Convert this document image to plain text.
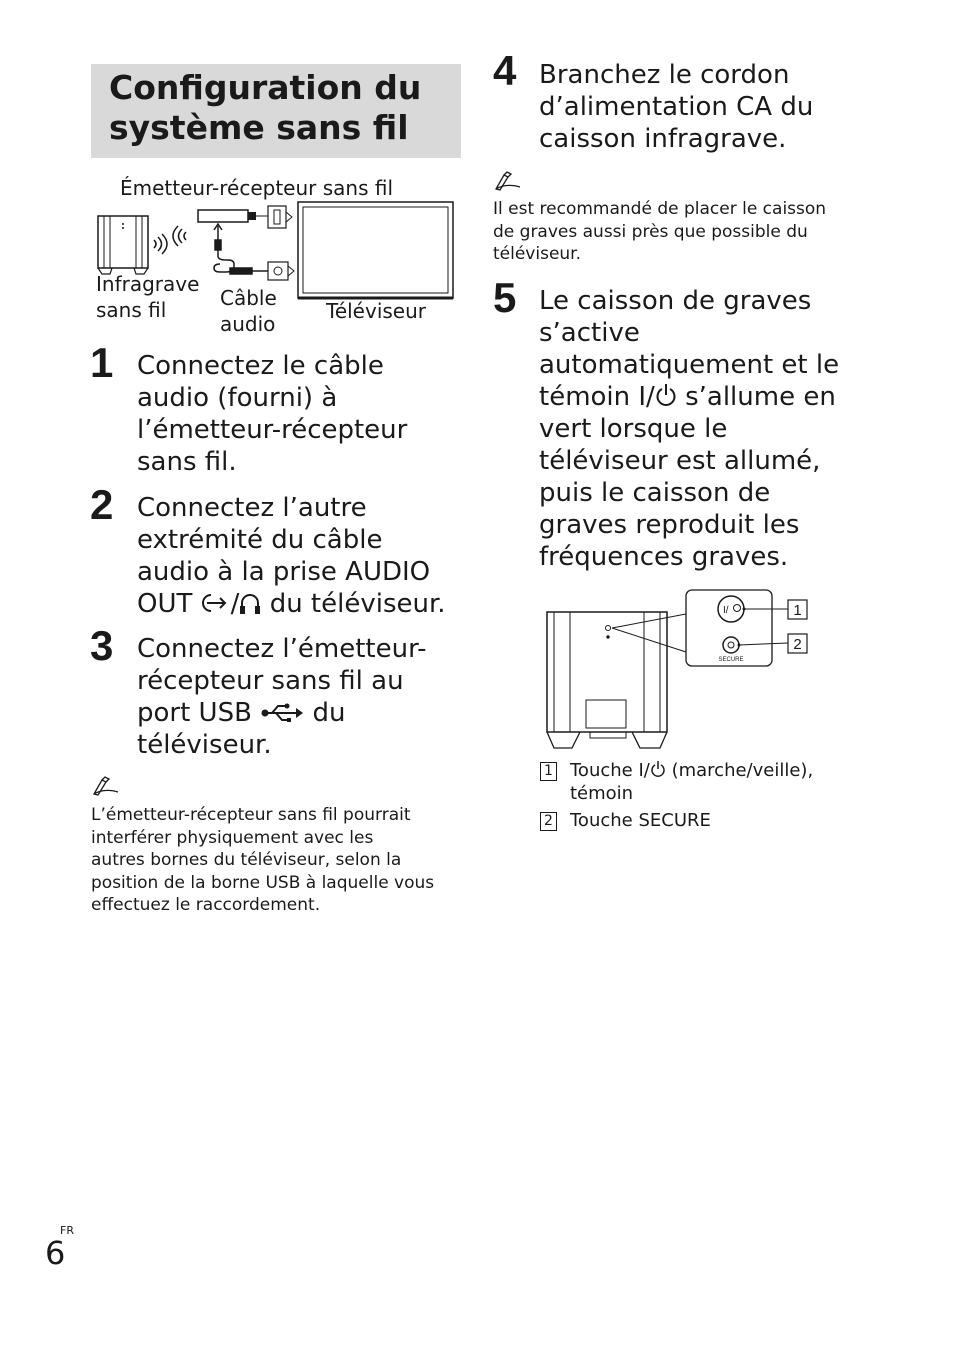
Configuration du système sans fil
Émetteur-récepteur sans fil
Infragrave
sans fil	Câble
audio
Téléviseur
1 Connectez le câble
audio (fourni) à
l’émetteur-récepteur
sans fil.
2 Connectez l’autre
extrémité du câble
audio à la prise AUDIO
OUT / du téléviseur.
3 Connectez l’émetteur-
récepteur sans fil au
port USB du
téléviseur.
L’émetteur-récepteur sans fil pourrait
interférer physiquement avec les
autres bornes du téléviseur, selon la
position de la borne USB à laquelle vous
effectuez le raccordement.
4 Branchez le cordon
d’alimentation CA du
caisson infragrave.
Il est recommandé de placer le caisson
de graves aussi près que possible du
téléviseur.
5 Le caisson de graves
s’active
automatiquement et le
témoin I/ s’allume en
vert lorsque le
téléviseur est allumé,
puis le caisson de
graves reproduit les
fréquences graves.
I/
SECURE
1
2
1 Touche I/ (marche/veille),
témoin
2 Touche SECURE
6
FR
